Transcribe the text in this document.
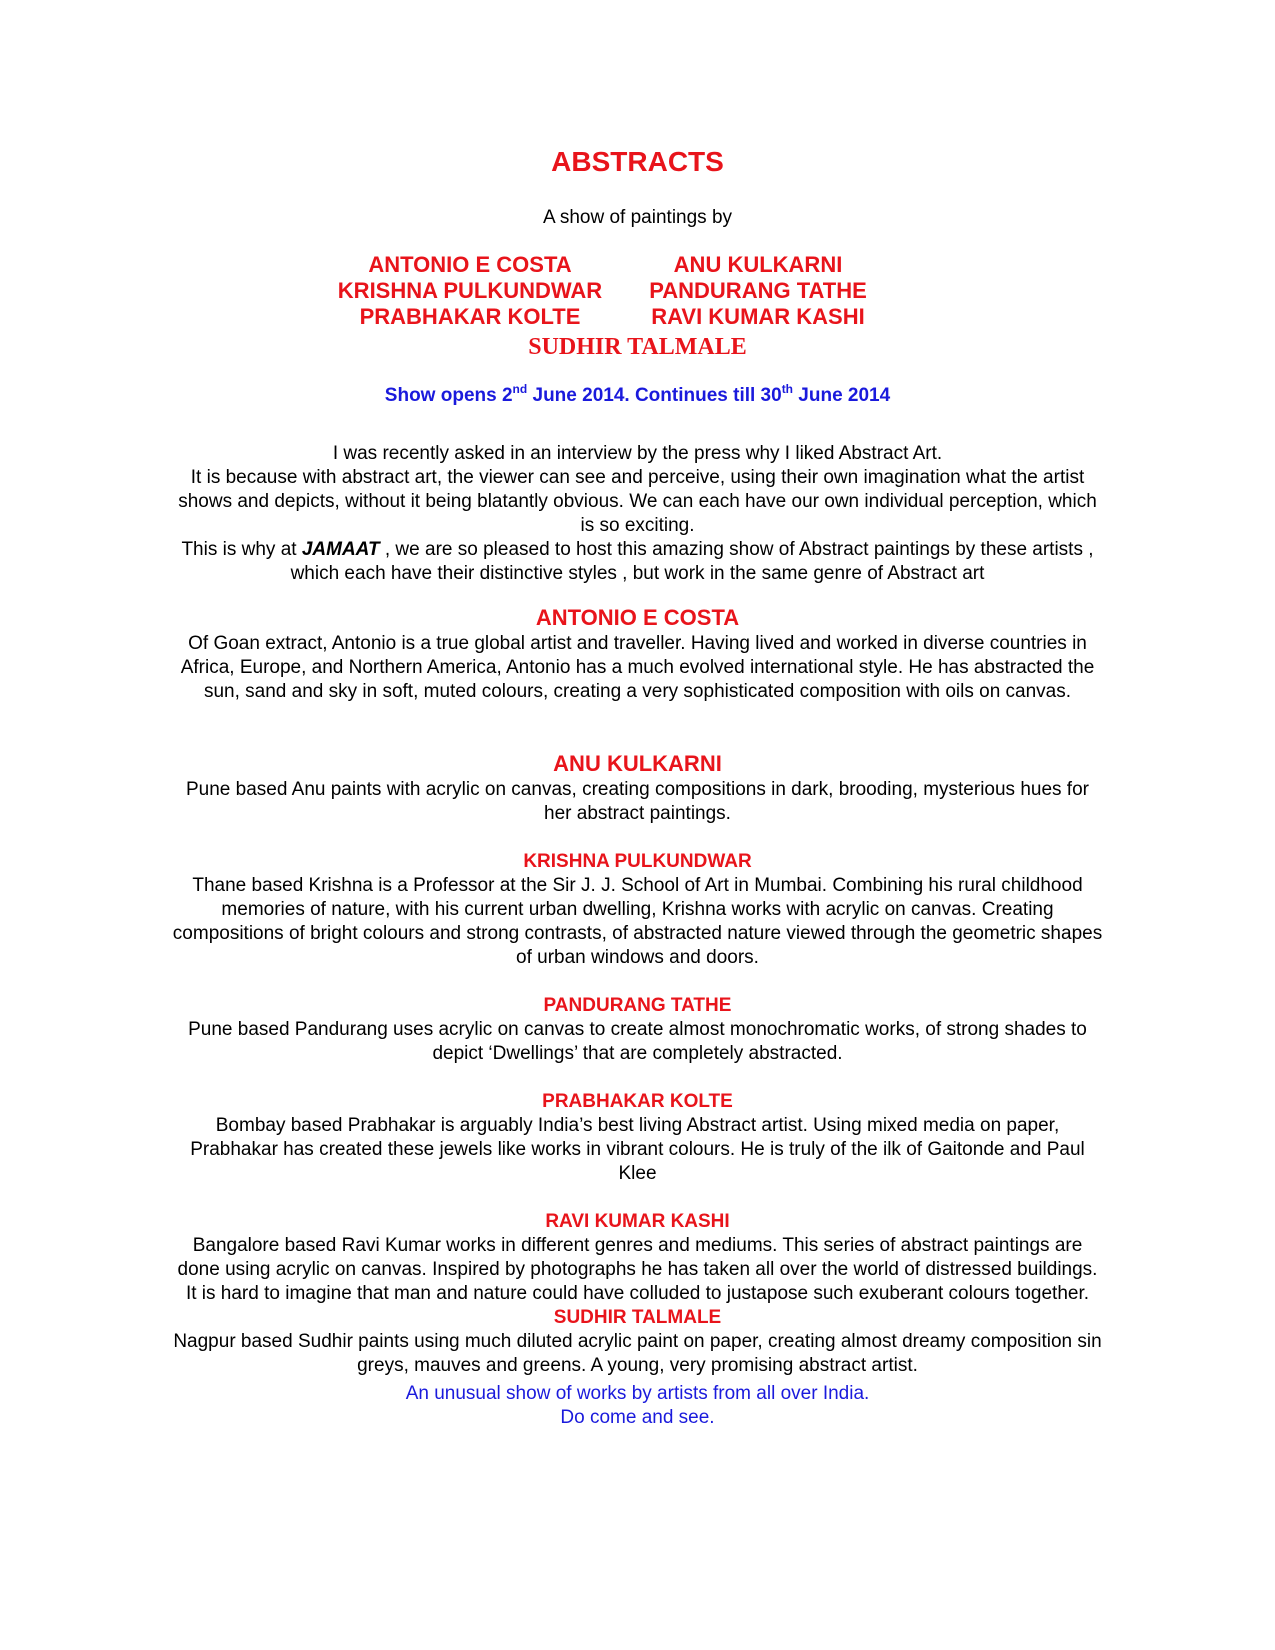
ABSTRACTS
A show of paintings by
ANTONIO E COSTA	ANU KULKARNI
KRISHNA PULKUNDWAR	PANDURANG TATHE
PRABHAKAR KOLTE	RAVI KUMAR KASHI
SUDHIR TALMALE
Show opens 2nd June 2014. Continues till 30th June 2014

I was recently asked in an interview by the press why I liked Abstract Art.

It is because with abstract art, the viewer can see and perceive, using their own imagination what the artist shows and depicts, without it being blatantly obvious. We can each have our own individual perception, which is so exciting.

This is why at JAMAAT , we are so pleased to host this amazing show of Abstract paintings by these artists , which each have their distinctive styles , but work in the same genre of Abstract art

ANTONIO E COSTA

Of Goan extract, Antonio is a true global artist and traveller. Having lived and worked in diverse countries in Africa, Europe, and Northern America, Antonio has a much evolved international style. He has abstracted the sun, sand and sky in soft, muted colours, creating a very sophisticated composition with oils on canvas.

ANU KULKARNI

Pune based Anu paints with acrylic on canvas, creating compositions in dark, brooding, mysterious hues for her abstract paintings.

KRISHNA PULKUNDWAR

Thane based Krishna is a Professor at the Sir J. J. School of Art in Mumbai. Combining his rural childhood memories of nature, with his current urban dwelling, Krishna works with acrylic on canvas. Creating compositions of bright colours and strong contrasts, of abstracted nature viewed through the geometric shapes of urban windows and doors.

PANDURANG TATHE

Pune based Pandurang uses acrylic on canvas to create almost monochromatic works, of strong shades to depict ‘Dwellings’ that are completely abstracted.

PRABHAKAR KOLTE

Bombay based Prabhakar is arguably India’s best living Abstract artist. Using mixed media on paper, Prabhakar has created these jewels like works in vibrant colours. He is truly of the ilk of Gaitonde and Paul Klee

RAVI KUMAR KASHI

Bangalore based Ravi Kumar works in different genres and mediums. This series of abstract paintings are done using acrylic on canvas. Inspired by photographs he has taken all over the world of distressed buildings. It is hard to imagine that man and nature could have colluded to justapose such exuberant colours together.

SUDHIR TALMALE

Nagpur based Sudhir paints using much diluted acrylic paint on paper, creating almost dreamy composition sin greys, mauves and greens. A young, very promising abstract artist.

An unusual show of works by artists from all over India.
Do come and see.
